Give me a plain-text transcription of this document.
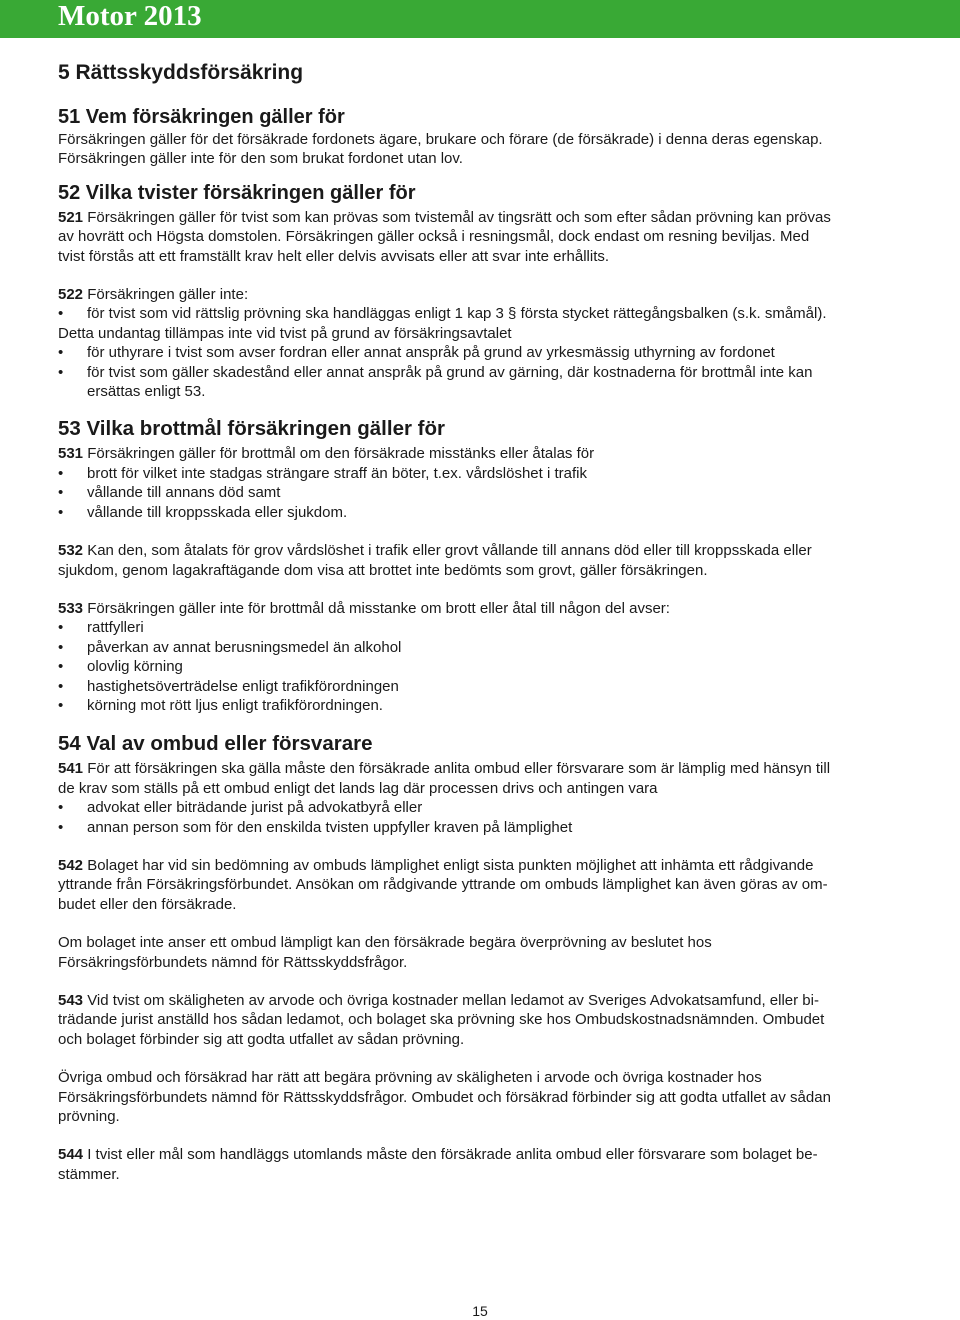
Motor 2013

5 Rättsskyddsförsäkring

51 Vem försäkringen gäller för

Försäkringen gäller för det försäkrade fordonets ägare, brukare och förare (de försäkrade) i denna deras egenskap.
Försäkringen gäller inte för den som brukat fordonet utan lov.

52 Vilka tvister försäkringen gäller för

521 Försäkringen gäller för tvist som kan prövas som tvistemål av tingsrätt och som efter sådan prövning kan prövas
av hovrätt och Högsta domstolen. Försäkringen gäller också i resningsmål, dock endast om resning beviljas. Med
tvist förstås att ett framställt krav helt eller delvis avvisats eller att svar inte erhållits.

522 Försäkringen gäller inte:

• för tvist som vid rättslig prövning ska handläggas enligt 1 kap 3 § första stycket rättegångsbalken (s.k. småmål).
Detta undantag tillämpas inte vid tvist på grund av försäkringsavtalet
• för uthyrare i tvist som avser fordran eller annat anspråk på grund av yrkesmässig uthyrning av fordonet
• för tvist som gäller skadestånd eller annat anspråk på grund av gärning, där kostnaderna för brottmål inte kan
ersättas enligt 53.

53 Vilka brottmål försäkringen gäller för

531 Försäkringen gäller för brottmål om den försäkrade misstänks eller åtalas för

• brott för vilket inte stadgas strängare straff än böter, t.ex. vårdslöshet i trafik
• vållande till annans död samt
• vållande till kroppsskada eller sjukdom.

532 Kan den, som åtalats för grov vårdslöshet i trafik eller grovt vållande till annans död eller till kroppsskada eller
sjukdom, genom lagakraftägande dom visa att brottet inte bedömts som grovt, gäller försäkringen.

533 Försäkringen gäller inte för brottmål då misstanke om brott eller åtal till någon del avser:

• rattfylleri
• påverkan av annat berusningsmedel än alkohol
• olovlig körning
• hastighetsöverträdelse enligt trafikförordningen
• körning mot rött ljus enligt trafikförordningen.

54 Val av ombud eller försvarare

541 För att försäkringen ska gälla måste den försäkrade anlita ombud eller försvarare som är lämplig med hänsyn till
de krav som ställs på ett ombud enligt det lands lag där processen drivs och antingen vara

• advokat eller biträdande jurist på advokatbyrå eller
• annan person som för den enskilda tvisten uppfyller kraven på lämplighet

542 Bolaget har vid sin bedömning av ombuds lämplighet enligt sista punkten möjlighet att inhämta ett rådgivande
yttrande från Försäkringsförbundet. Ansökan om rådgivande yttrande om ombuds lämplighet kan även göras av om-
budet eller den försäkrade.

Om bolaget inte anser ett ombud lämpligt kan den försäkrade begära överprövning av beslutet hos
Försäkringsförbundets nämnd för Rättsskyddsfrågor.

543 Vid tvist om skäligheten av arvode och övriga kostnader mellan ledamot av Sveriges Advokatsamfund, eller bi-
trädande jurist anställd hos sådan ledamot, och bolaget ska prövning ske hos Ombudskostnadsnämnden. Ombudet
och bolaget förbinder sig att godta utfallet av sådan prövning.

Övriga ombud och försäkrad har rätt att begära prövning av skäligheten i arvode och övriga kostnader hos
Försäkringsförbundets nämnd för Rättsskyddsfrågor. Ombudet och försäkrad förbinder sig att godta utfallet av sådan
prövning.

544 I tvist eller mål som handläggs utomlands måste den försäkrade anlita ombud eller försvarare som bolaget be-
stämmer.

15
